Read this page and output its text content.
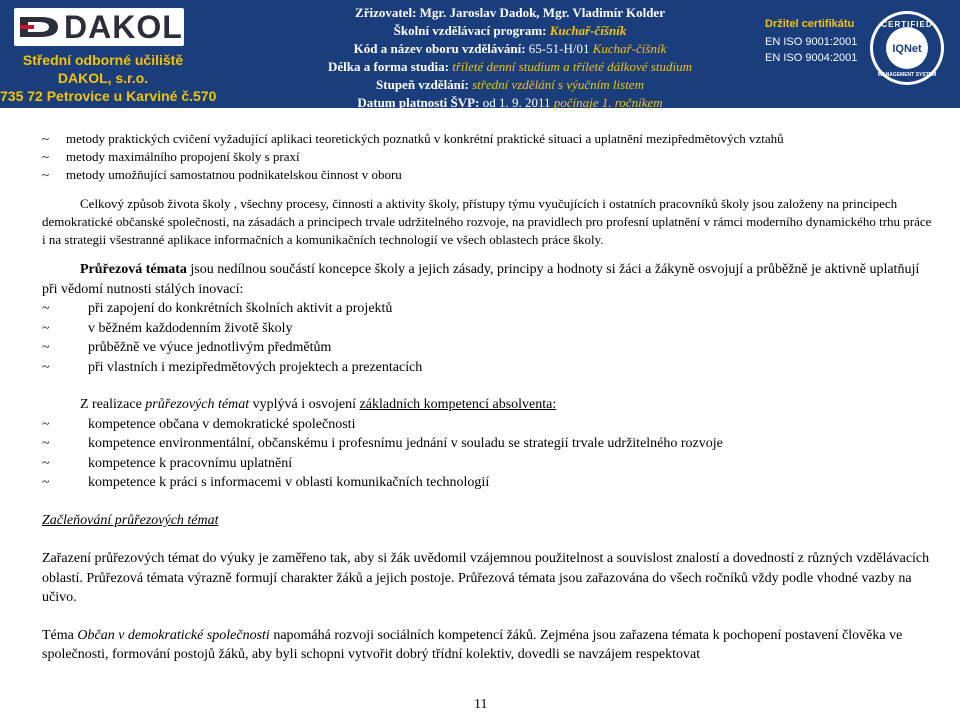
DAKOL
Střední odborné učiliště
DAKOL, s.r.o.
735 72 Petrovice u Karviné č.570
Zřizovatel: Mgr. Jaroslav Dadok, Mgr. Vladimír Kolder
Školní vzdělávací program: Kuchař-číšník
Kód a název oboru vzdělávání: 65-51-H/01 Kuchař-číšník
Délka a forma studia: tříleté denní studium a tříleté dálkové studium
Stupeň vzdělání: střední vzdělání s výučním listem
Datum platnosti ŠVP: od 1. 9. 2011 počínaje 1. ročníkem
Držitel certifikátu
EN ISO 9001:2001
EN ISO 9004:2001
CERTIFIED
IQNet
MANAGEMENT SYSTEM
~ metody praktických cvičení vyžadující aplikaci teoretických poznatků v konkrétní praktické situaci a uplatnění mezipředmětových vztahů
~ metody maximálního propojení školy s praxí
~ metody umožňující samostatnou podnikatelskou činnost v oboru

Celkový způsob života školy , všechny procesy, činnosti a aktivity školy, přístupy týmu vyučujících i ostatních pracovníků školy jsou založeny na principech demokratické občanské společnosti, na zásadách a principech trvale udržitelného rozvoje, na pravidlech pro profesní uplatnění v rámci moderního dynamického trhu práce i na strategii všestranné aplikace informačních a komunikačních technologií ve všech oblastech práce školy.

Průřezová témata jsou nedílnou součástí koncepce školy a jejich zásady, principy a hodnoty si žáci a žákyně osvojují a průběžně je aktivně uplatňují při vědomí nutnosti stálých inovací:

~	při zapojení do konkrétních školních aktivit a projektů
~	v běžném každodenním životě školy
~	průběžně ve výuce jednotlivým předmětům
~	při vlastních i mezipředmětových projektech a prezentacích

Z realizace průřezových témat vyplývá i osvojení základních kompetencí absolventa:

~	kompetence občana v demokratické společnosti
~	kompetence environmentální, občanskému i profesnímu jednání v souladu se strategií trvale udržitelného rozvoje
~	kompetence k pracovnímu uplatnění
~	kompetence k práci s informacemi v oblasti komunikačních technologií

Začleňování průřezových témat

Zařazení průřezových témat do výuky je zaměřeno tak, aby si žák uvědomil vzájemnou použitelnost a souvislost znalostí a dovedností z různých vzdělávacích oblastí. Průřezová témata výrazně formují charakter žáků a jejich postoje. Průřezová témata jsou zařazována do všech ročníků vždy podle vhodné vazby na učivo.

Téma Občan v demokratické společnosti napomáhá rozvoji sociálních kompetencí žáků. Zejména jsou zařazena témata k pochopení postavení člověka ve společnosti, formování postojů žáků, aby byli schopni vytvořit dobrý třídní kolektiv, dovedli se navzájem respektovat

11
